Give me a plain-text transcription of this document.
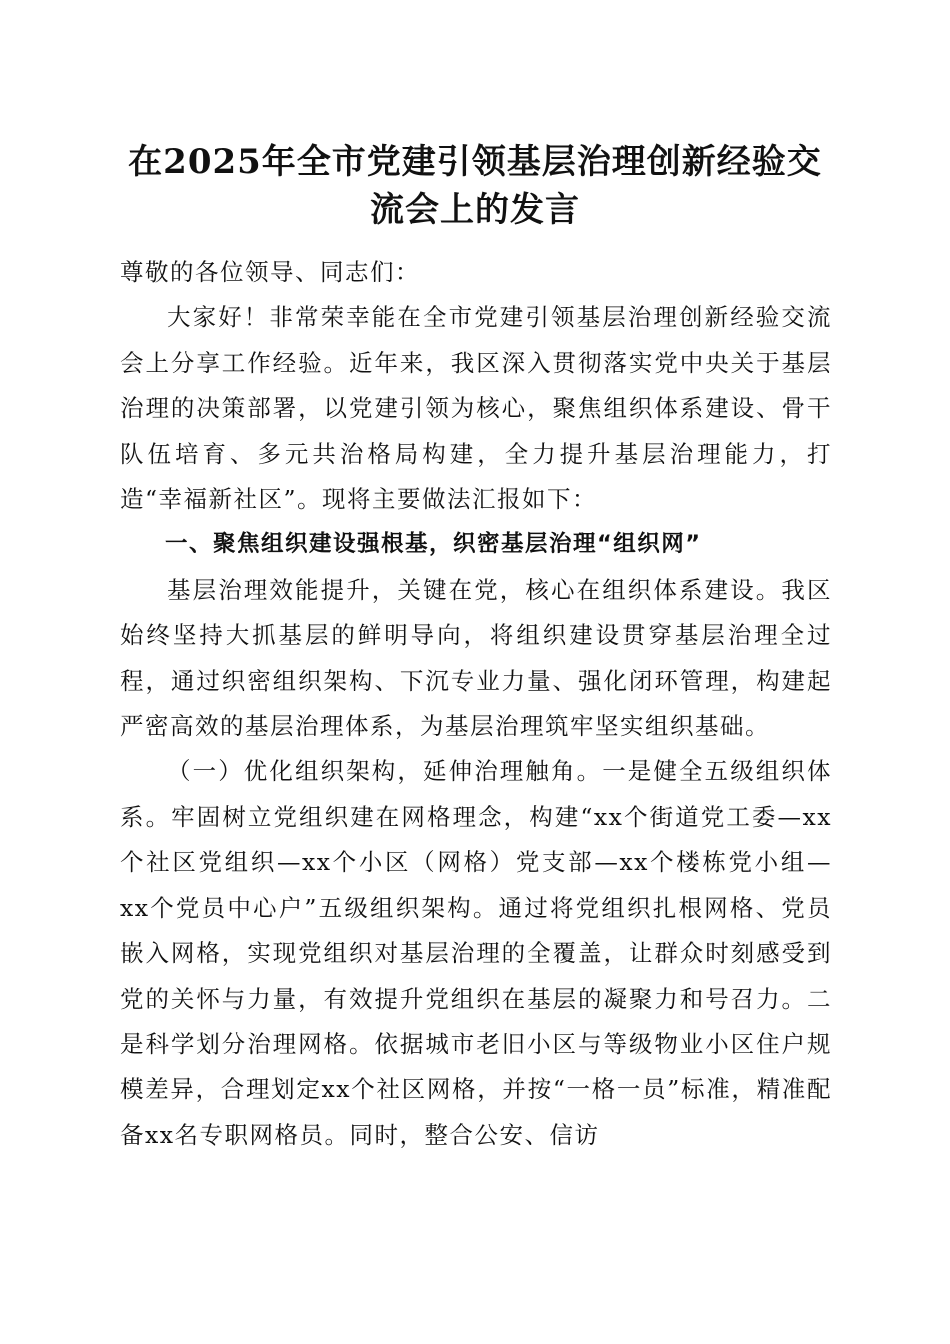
在2025年全市党建引领基层治理创新经验交
流会上的发言

尊敬的各位领导、同志们：

大家好！非常荣幸能在全市党建引领基层治理创新经验交流会上分享工作经验。近年来，我区深入贯彻落实党中央关于基层治理的决策部署，以党建引领为核心，聚焦组织体系建设、骨干队伍培育、多元共治格局构建，全力提升基层治理能力，打造“幸福新社区”。现将主要做法汇报如下：

一、聚焦组织建设强根基，织密基层治理“组织网”

基层治理效能提升，关键在党，核心在组织体系建设。我区始终坚持大抓基层的鲜明导向，将组织建设贯穿基层治理全过程，通过织密组织架构、下沉专业力量、强化闭环管理，构建起严密高效的基层治理体系，为基层治理筑牢坚实组织基础。

（一）优化组织架构，延伸治理触角。一是健全五级组织体系。牢固树立党组织建在网格理念，构建“xx个街道党工委—xx个社区党组织—xx个小区（网格）党支部—xx个楼栋党小组—xx个党员中心户”五级组织架构。通过将党组织扎根网格、党员嵌入网格，实现党组织对基层治理的全覆盖，让群众时刻感受到党的关怀与力量，有效提升党组织在基层的凝聚力和号召力。二是科学划分治理网格。依据城市老旧小区与等级物业小区住户规模差异，合理划定xx个社区网格，并按“一格一员”标准，精准配备xx名专职网格员。同时，整合公安、信访
